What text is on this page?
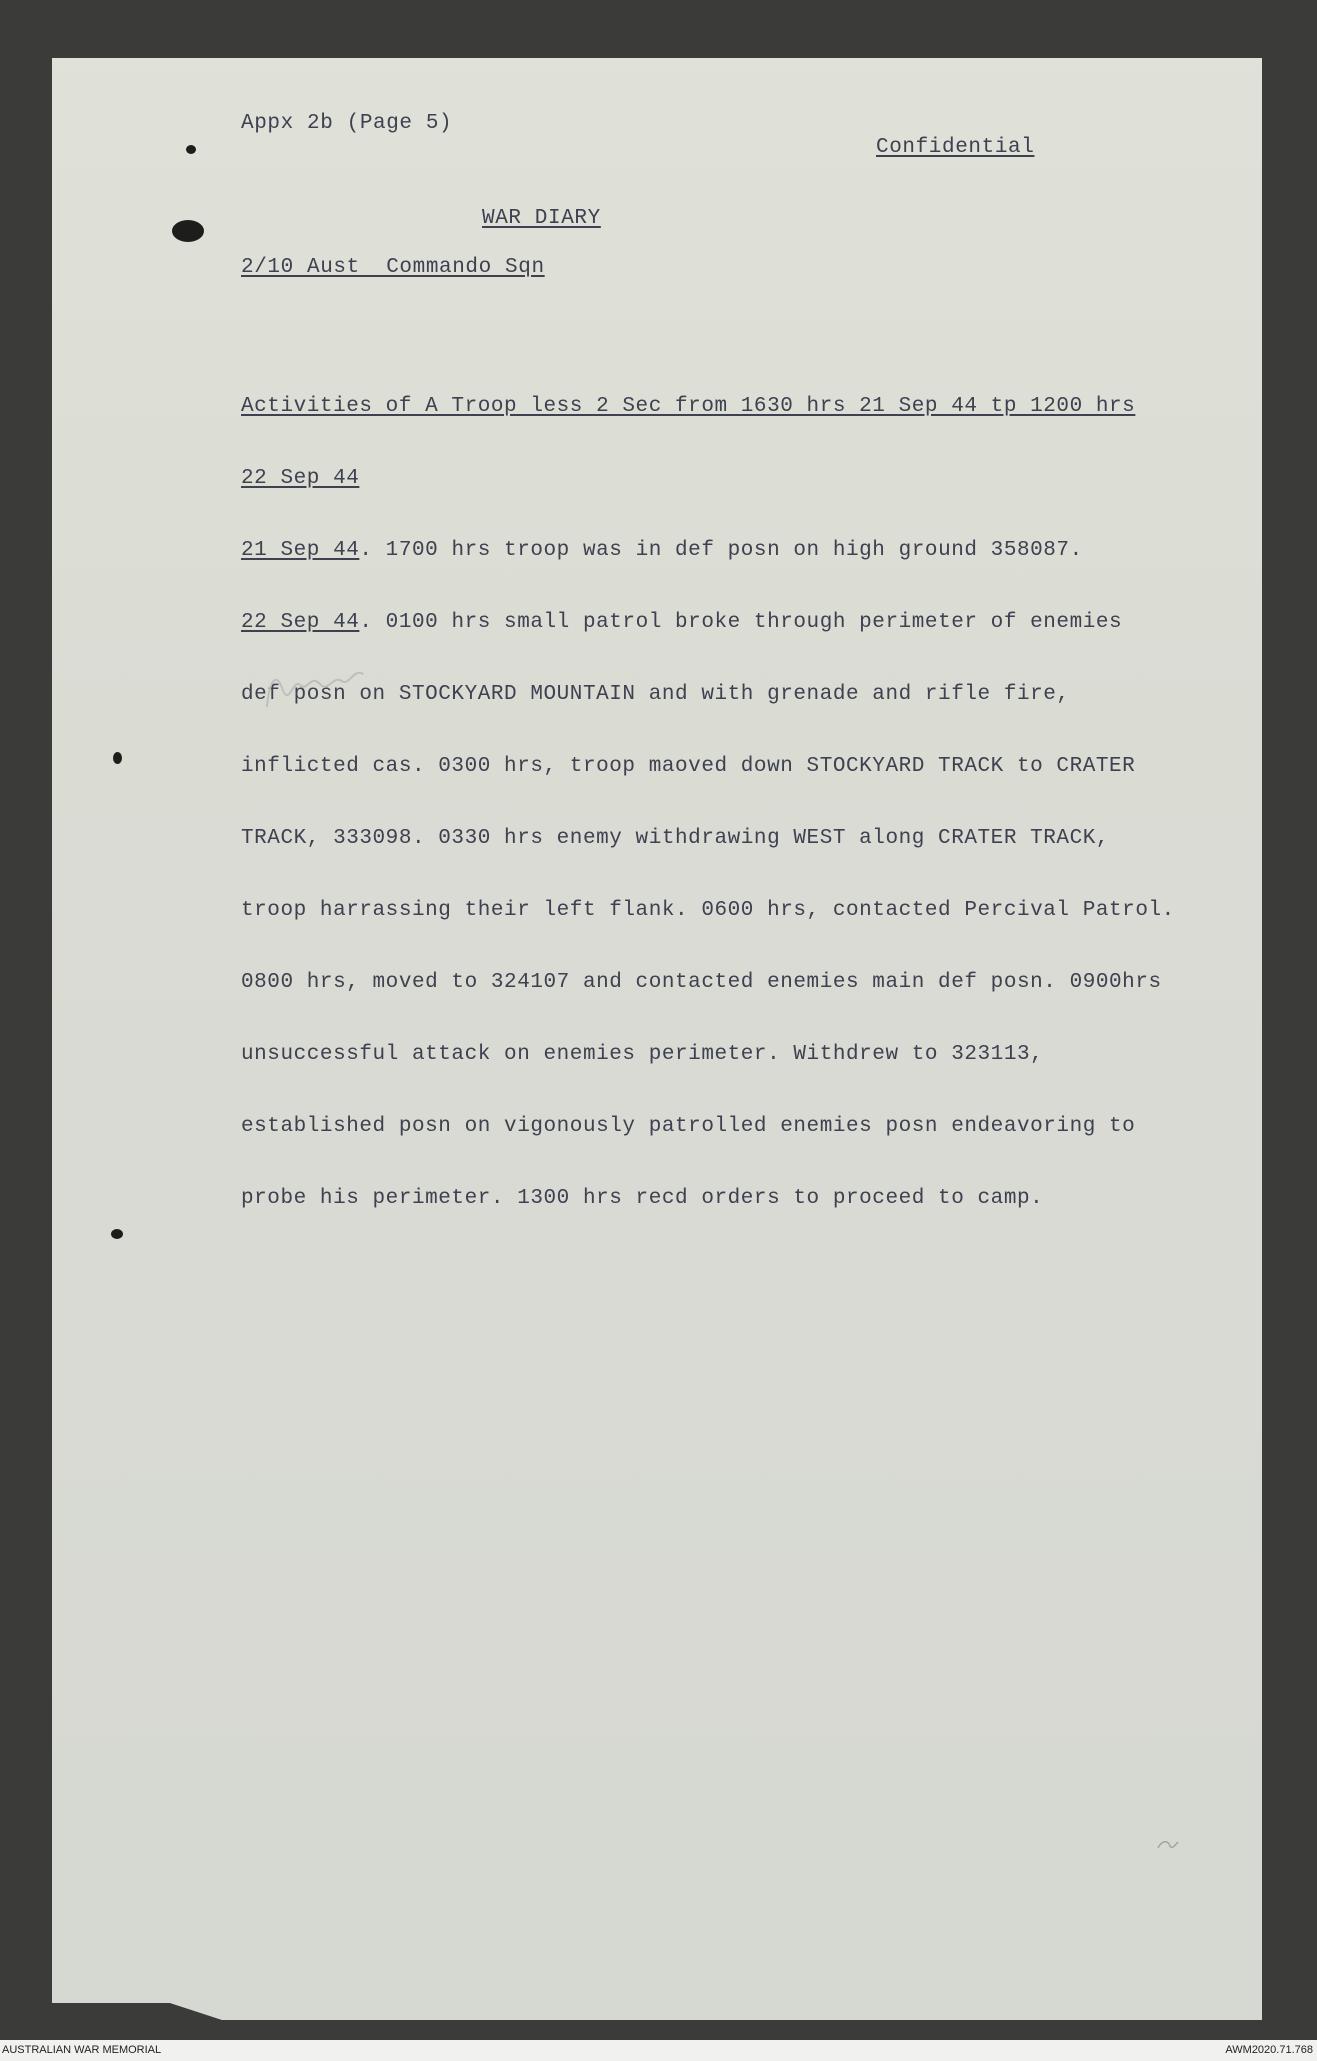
Appx 2b (Page 5)
Confidential
WAR DIARY
2/10 Aust  Commando Sqn

Activities of A Troop less 2 Sec from 1630 hrs 21 Sep 44 tp 1200 hrs

22 Sep 44

21 Sep 44. 1700 hrs troop was in def posn on high ground 358087.

22 Sep 44. 0100 hrs small patrol broke through perimeter of enemies

def posn on STOCKYARD MOUNTAIN and with grenade and rifle fire,

inflicted cas. 0300 hrs, troop maoved down STOCKYARD TRACK to CRATER

TRACK, 333098. 0330 hrs enemy withdrawing WEST along CRATER TRACK,

troop harrassing their left flank. 0600 hrs, contacted Percival Patrol.

0800 hrs, moved to 324107 and contacted enemies main def posn. 0900hrs

unsuccessful attack on enemies perimeter. Withdrew to 323113,

established posn on vigonously patrolled enemies posn endeavoring to

probe his perimeter. 1300 hrs recd orders to proceed to camp.

AUSTRALIAN WAR MEMORIAL	AWM2020.71.768
